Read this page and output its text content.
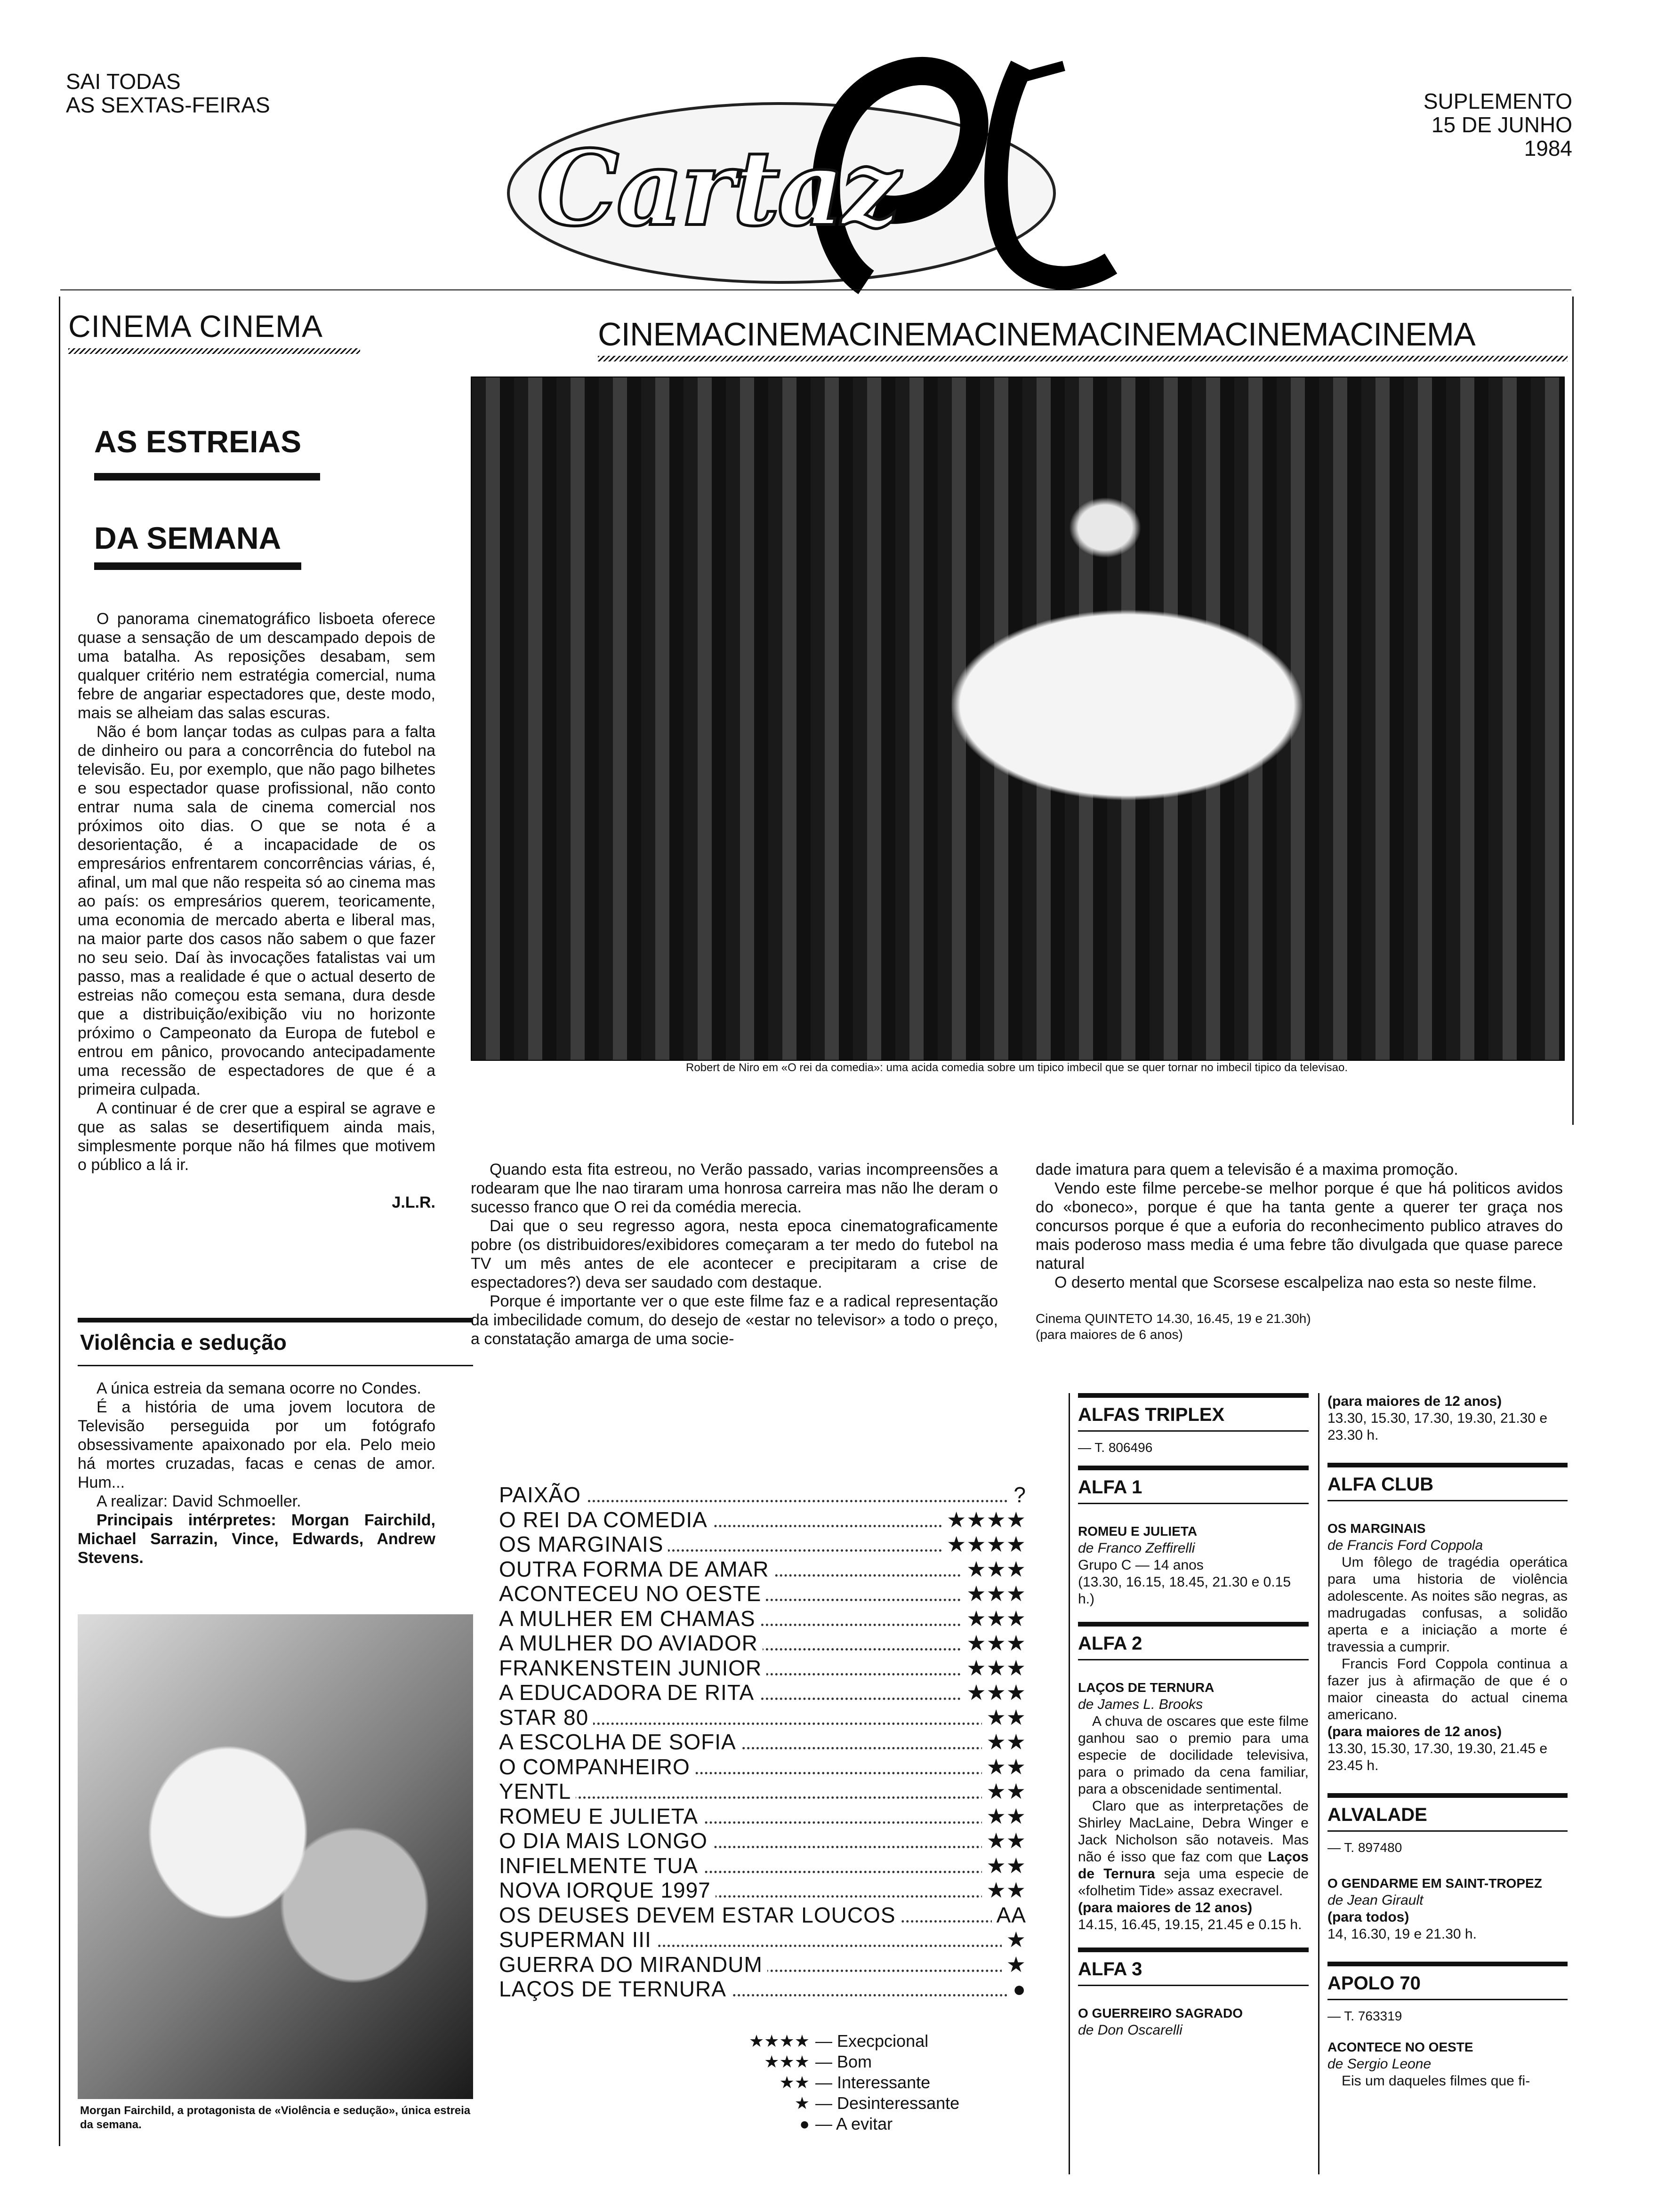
SAI TODAS
AS SEXTAS-FEIRAS
Cartaz
DL
SUPLEMENTO
15 DE JUNHO
1984
CINEMA CINEMA	CINEMACINEMACINEMACINEMACINEMACINEMACINEMA
AS ESTREIAS
DA SEMANA

O panorama cinematográfico lisboeta oferece quase a sensação de um descampado depois de uma batalha. As reposições desabam, sem qualquer critério nem estratégia comercial, numa febre de angariar espectadores que, deste modo, mais se alheiam das salas escuras.

Não é bom lançar todas as culpas para a falta de dinheiro ou para a concorrência do futebol na televisão. Eu, por exemplo, que não pago bilhetes e sou espectador quase profissional, não conto entrar numa sala de cinema comercial nos próximos oito dias. O que se nota é a desorientação, é a incapacidade de os empresários enfrentarem concorrências várias, é, afinal, um mal que não respeita só ao cinema mas ao país: os empresários querem, teoricamente, uma economia de mercado aberta e liberal mas, na maior parte dos casos não sabem o que fazer no seu seio. Daí às invocações fatalistas vai um passo, mas a realidade é que o actual deserto de estreias não começou esta semana, dura desde que a distribuição/exibição viu no horizonte próximo o Campeonato da Europa de futebol e entrou em pânico, provocando antecipadamente uma recessão de espectadores de que é a primeira culpada.

A continuar é de crer que a espiral se agrave e que as salas se desertifiquem ainda mais, simplesmente porque não há filmes que motivem o público a lá ir.

J.L.R.
Violência e sedução

A única estreia da semana ocorre no Condes.

É a história de uma jovem locutora de Televisão perseguida por um fotógrafo obsessivamente apaixonado por ela. Pelo meio há mortes cruzadas, facas e cenas de amor. Hum...

A realizar: David Schmoeller.

Principais intérpretes: Morgan Fairchild, Michael Sarrazin, Vince, Edwards, Andrew Stevens.

Morgan Fairchild, a protagonista de «Violência e sedução», única estreia da semana.
Robert de Niro em «O rei da comedia»: uma acida comedia sobre um tipico imbecil que se quer tornar no imbecil tipico da televisao.

Quando esta fita estreou, no Verão passado, varias incompreensões a rodearam que lhe nao tiraram uma honrosa carreira mas não lhe deram o sucesso franco que O rei da comédia merecia.

Dai que o seu regresso agora, nesta epoca cinematograficamente pobre (os distribuidores/exibidores começaram a ter medo do futebol na TV um mês antes de ele acontecer e precipitaram a crise de espectadores?) deva ser saudado com destaque.

Porque é importante ver o que este filme faz e a radical representação da imbecilidade comum, do desejo de «estar no televisor» a todo o preço, a constatação amarga de uma socie-

dade imatura para quem a televisão é a maxima promoção.

Vendo este filme percebe-se melhor porque é que há politicos avidos do «boneco», porque é que ha tanta gente a querer ter graça nos concursos porque é que a euforia do reconhecimento publico atraves do mais poderoso mass media é uma febre tão divulgada que quase parece natural

O deserto mental que Scorsese escalpeliza nao esta so neste filme.

Cinema QUINTETO 14.30, 16.45, 19 e 21.30h)
(para maiores de 6 anos)
PAIXÃO	?
O REI DA COMEDIA	★★★★
OS MARGINAIS	★★★★
OUTRA FORMA DE AMAR	★★★
ACONTECEU NO OESTE	★★★
A MULHER EM CHAMAS	★★★
A MULHER DO AVIADOR	★★★
FRANKENSTEIN JUNIOR	★★★
A EDUCADORA DE RITA	★★★
STAR 80	★★
A ESCOLHA DE SOFIA	★★
O COMPANHEIRO	★★
YENTL	★★
ROMEU E JULIETA	★★
O DIA MAIS LONGO	★★
INFIELMENTE TUA	★★
NOVA IORQUE 1997	★★
OS DEUSES DEVEM ESTAR LOUCOS	AA
SUPERMAN III	★
GUERRA DO MIRANDUM	★
LAÇOS DE TERNURA	●
★★★★ — Execpcional
★★★ — Bom
★★ — Interessante
★ — Desinteressante
● — A evitar
ALFAS TRIPLEX
— T. 806496
ALFA 1
ROMEU E JULIETA
de Franco Zeffirelli
Grupo C — 14 anos
(13.30, 16.15, 18.45, 21.30 e 0.15 h.)
ALFA 2
LAÇOS DE TERNURA
de James L. Brooks
A chuva de oscares que este filme ganhou sao o premio para uma especie de docilidade televisiva, para o primado da cena familiar, para a obscenidade sentimental.
Claro que as interpretações de Shirley MacLaine, Debra Winger e Jack Nicholson são notaveis. Mas não é isso que faz com que Laços de Ternura seja uma especie de «folhetim Tide» assaz execravel.
(para maiores de 12 anos)
14.15, 16.45, 19.15, 21.45 e 0.15 h.
ALFA 3
O GUERREIRO SAGRADO
de Don Oscarelli
(para maiores de 12 anos)
13.30, 15.30, 17.30, 19.30, 21.30 e 23.30 h.
ALFA CLUB
OS MARGINAIS
de Francis Ford Coppola
Um fôlego de tragédia operática para uma historia de violência adolescente. As noites são negras, as madrugadas confusas, a solidão aperta e a iniciação a morte é travessia a cumprir.
Francis Ford Coppola continua a fazer jus à afirmação de que é o maior cineasta do actual cinema americano.
(para maiores de 12 anos)
13.30, 15.30, 17.30, 19.30, 21.45 e 23.45 h.
ALVALADE
— T. 897480
O GENDARME EM SAINT-TROPEZ
de Jean Girault
(para todos)
14, 16.30, 19 e 21.30 h.
APOLO 70
— T. 763319
ACONTECE NO OESTE
de Sergio Leone
Eis um daqueles filmes que fi-
